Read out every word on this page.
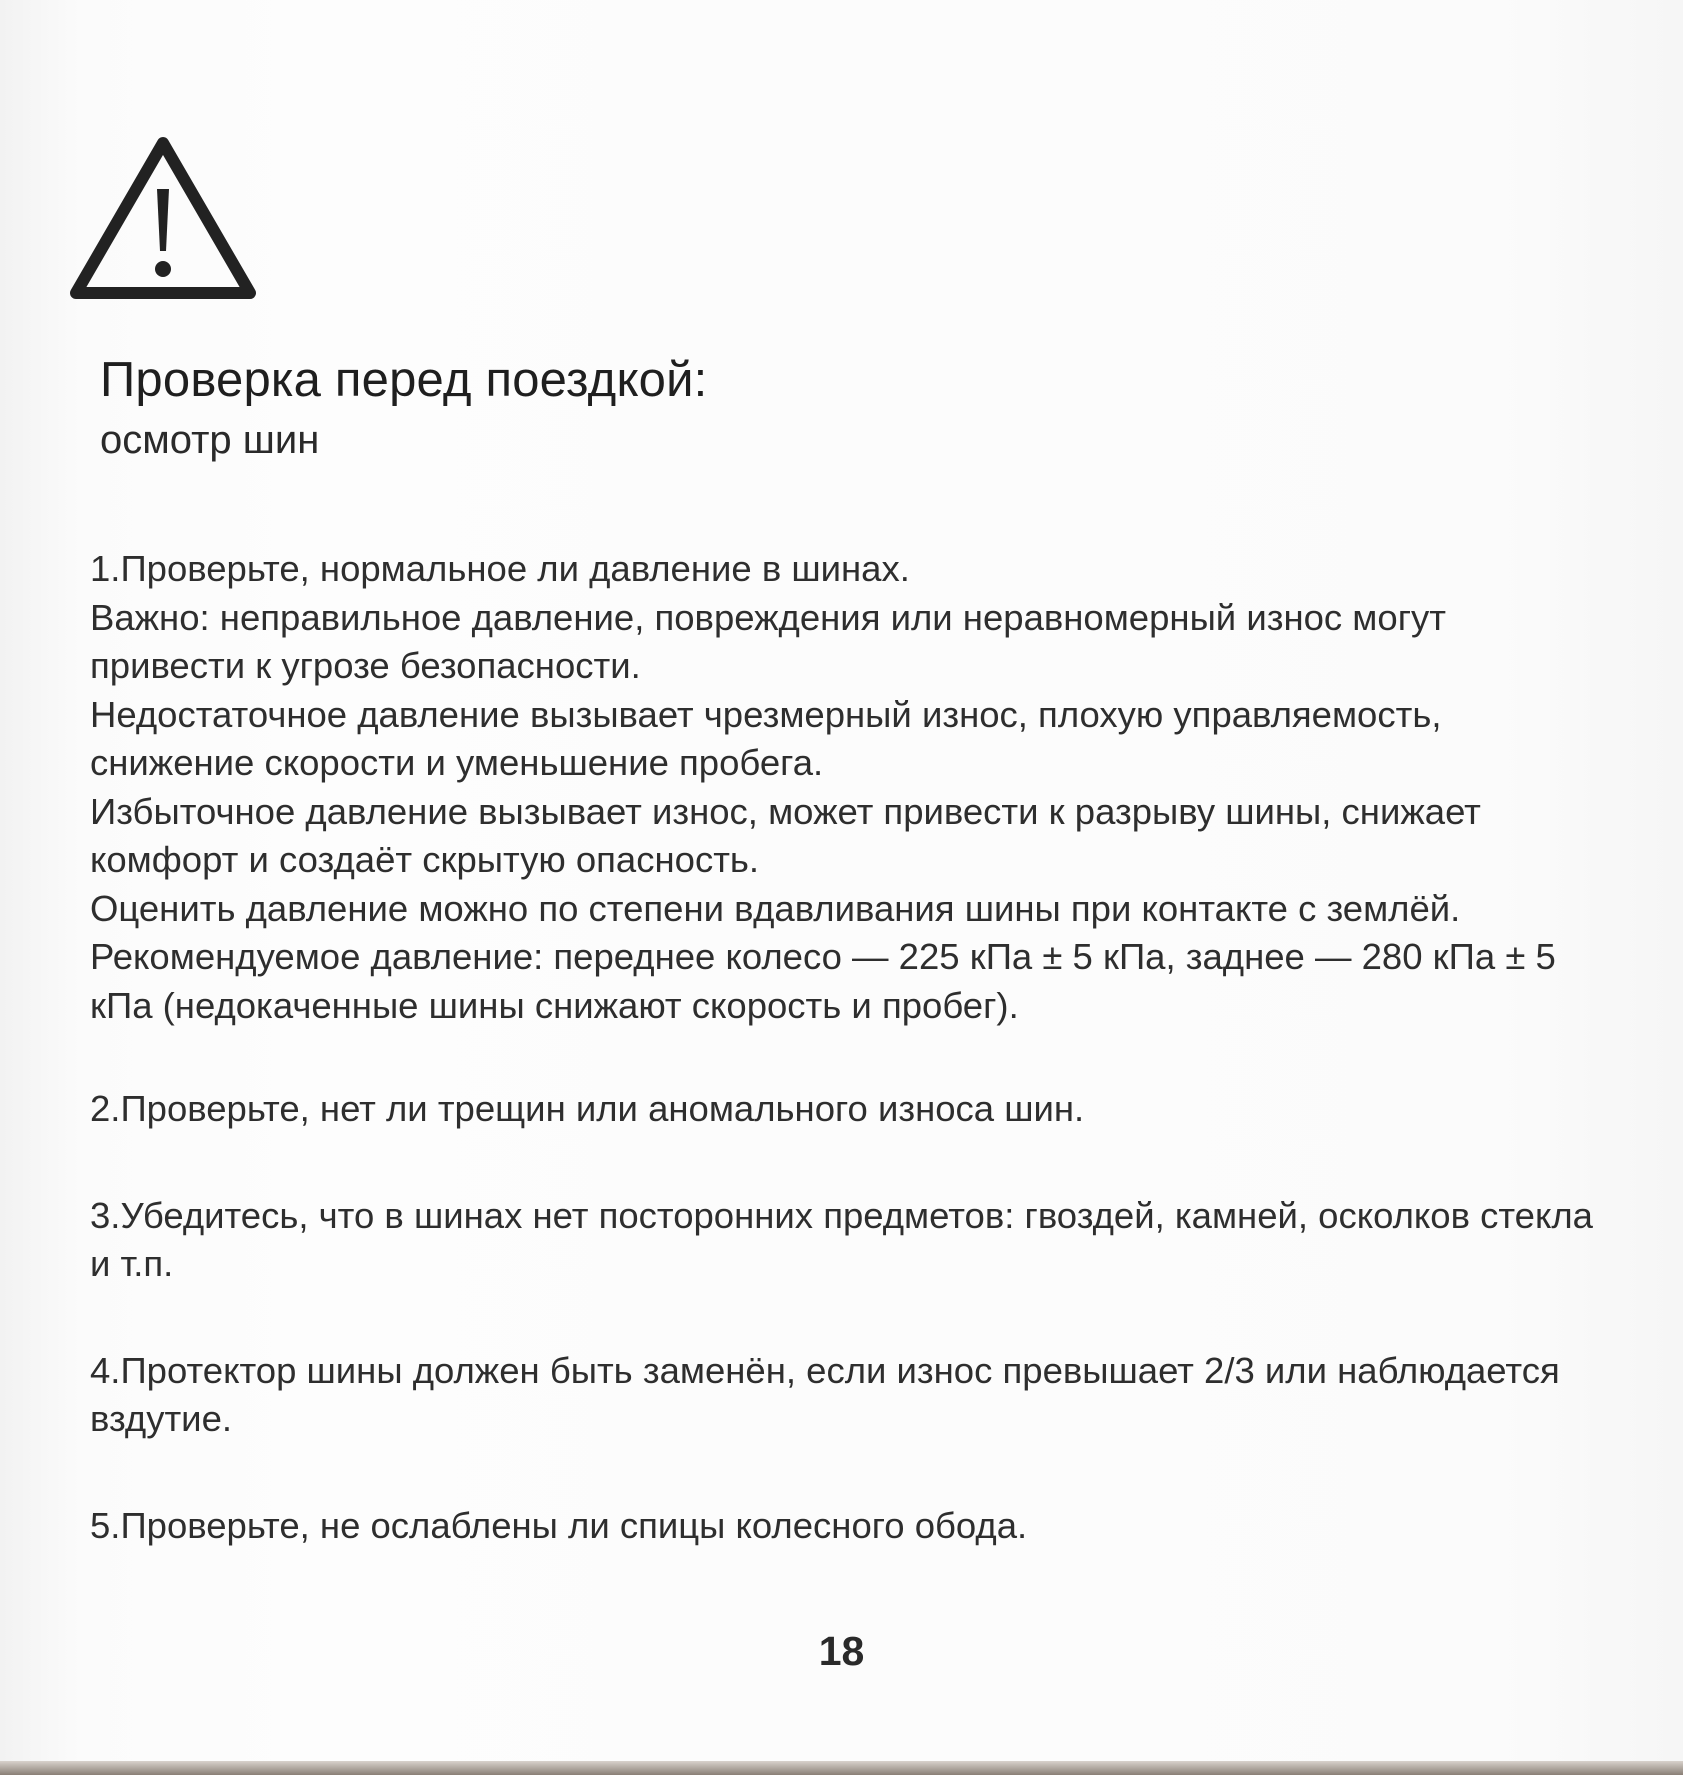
Проверка перед поездкой:
осмотр шин

1.Проверьте, нормальное ли давление в шинах.

Важно: неправильное давление, повреждения или неравномерный износ могут привести к угрозе безопасности.

Недостаточное давление вызывает чрезмерный износ, плохую управляемость, снижение скорости и уменьшение пробега.

Избыточное давление вызывает износ, может привести к разрыву шины, снижает комфорт и создаёт скрытую опасность.

Оценить давление можно по степени вдавливания шины при контакте с землёй.

Рекомендуемое давление: переднее колесо — 225 кПа ± 5 кПа, заднее — 280 кПа ± 5 кПа (недокаченные шины снижают скорость и пробег).

2.Проверьте, нет ли трещин или аномального износа шин.

3.Убедитесь, что в шинах нет посторонних предметов: гвоздей, камней, осколков стекла и т.п.

4.Протектор шины должен быть заменён, если износ превышает 2/3 или наблюдается вздутие.

5.Проверьте, не ослаблены ли спицы колесного обода.

18
